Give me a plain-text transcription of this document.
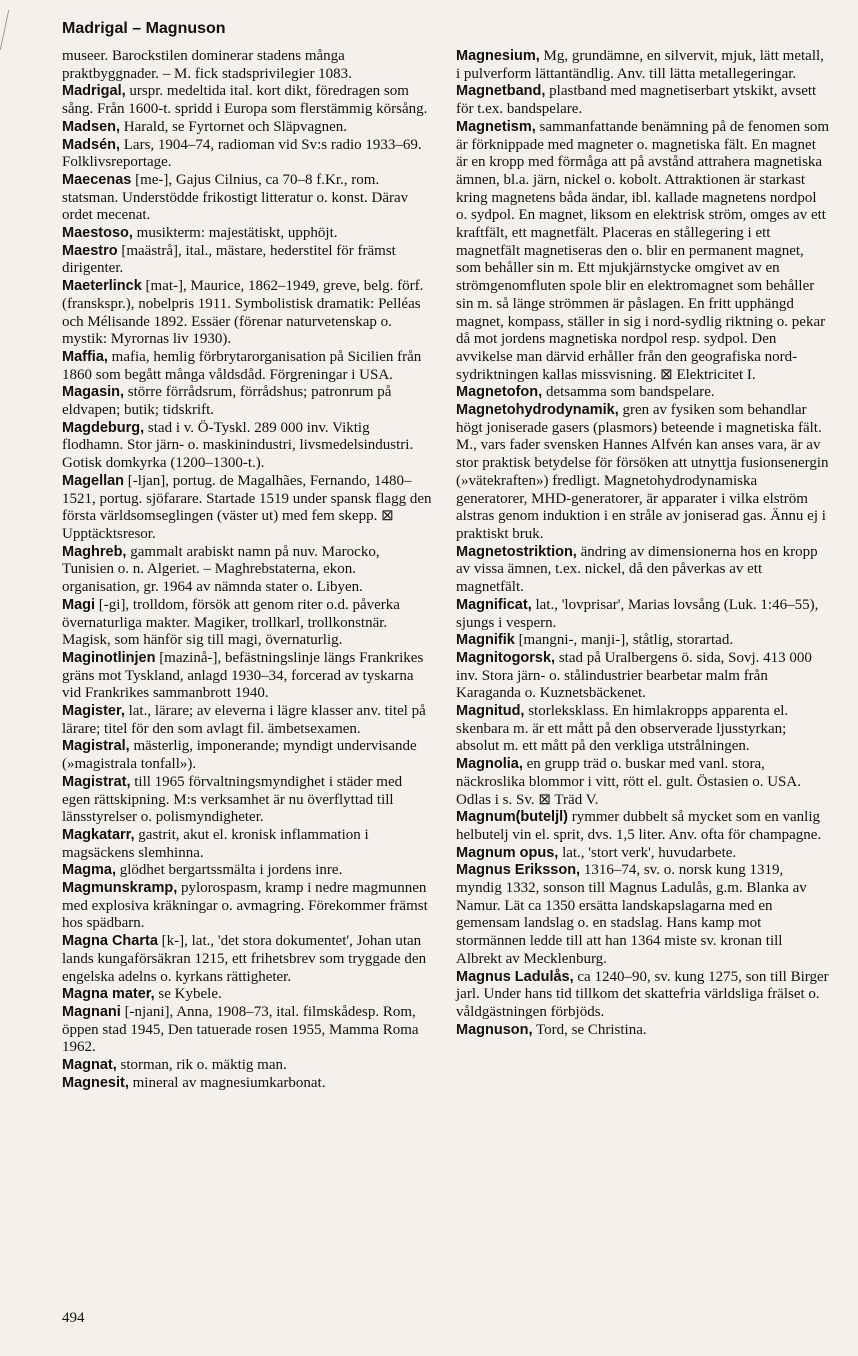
Madrigal – Magnuson

museer. Barockstilen dominerar stadens många praktbyggnader. – M. fick stadsprivilegier 1083.

Madrigal, urspr. medeltida ital. kort dikt, föredragen som sång. Från 1600-t. spridd i Europa som flerstämmig körsång.

Madsen, Harald, se Fyrtornet och Släpvagnen.

Madsén, Lars, 1904–74, radioman vid Sv:s radio 1933–69. Folklivsreportage.

Maecenas [me-], Gajus Cilnius, ca 70–8 f.Kr., rom. statsman. Understödde frikostigt litteratur o. konst. Därav ordet mecenat.

Maestoso, musikterm: majestätiskt, upphöjt.

Maestro [maästrå], ital., mästare, hederstitel för främst dirigenter.

Maeterlinck [mat-], Maurice, 1862–1949, greve, belg. förf. (franskspr.), nobelpris 1911. Symbolistisk dramatik: Pelléas och Mélisande 1892. Essäer (förenar naturvetenskap o. mystik: Myrornas liv 1930).

Maffia, mafia, hemlig förbrytarorganisation på Sicilien från 1860 som begått många våldsdåd. Förgreningar i USA.

Magasin, större förrådsrum, förrådshus; patronrum på eldvapen; butik; tidskrift.

Magdeburg, stad i v. Ö-Tyskl. 289 000 inv. Viktig flodhamn. Stor järn- o. maskinindustri, livsmedelsindustri. Gotisk domkyrka (1200–1300-t.).

Magellan [-ljan], portug. de Magalhães, Fernando, 1480–1521, portug. sjöfarare. Startade 1519 under spansk flagg den första världsomseglingen (väster ut) med fem skepp. ⊠ Upptäcktsresor.

Maghreb, gammalt arabiskt namn på nuv. Marocko, Tunisien o. n. Algeriet. – Maghrebstaterna, ekon. organisation, gr. 1964 av nämnda stater o. Libyen.

Magi [-gi], trolldom, försök att genom riter o.d. påverka övernaturliga makter. Magiker, trollkarl, trollkonstnär. Magisk, som hänför sig till magi, övernaturlig.

Maginotlinjen [mazinå-], befästningslinje längs Frankrikes gräns mot Tyskland, anlagd 1930–34, forcerad av tyskarna vid Frankrikes sammanbrott 1940.

Magister, lat., lärare; av eleverna i lägre klasser anv. titel på lärare; titel för den som avlagt fil. ämbetsexamen.

Magistral, mästerlig, imponerande; myndigt undervisande (»magistrala tonfall»).

Magistrat, till 1965 förvaltningsmyndighet i städer med egen rättskipning. M:s verksamhet är nu överflyttad till länsstyrelser o. polismyndigheter.

Magkatarr, gastrit, akut el. kronisk inflammation i magsäckens slemhinna.

Magma, glödhet bergartssmälta i jordens inre.

Magmunskramp, pylorospasm, kramp i nedre magmunnen med explosiva kräkningar o. avmagring. Förekommer främst hos spädbarn.

Magna Charta [k-], lat., 'det stora dokumentet', Johan utan lands kungaförsäkran 1215, ett frihetsbrev som tryggade den engelska adelns o. kyrkans rättigheter.

Magna mater, se Kybele.

Magnani [-njani], Anna, 1908–73, ital. filmskådesp. Rom, öppen stad 1945, Den tatuerade rosen 1955, Mamma Roma 1962.

Magnat, storman, rik o. mäktig man.

Magnesit, mineral av magnesiumkarbonat.

Magnesium, Mg, grundämne, en silvervit, mjuk, lätt metall, i pulverform lättantändlig. Anv. till lätta metallegeringar.

Magnetband, plastband med magnetiserbart ytskikt, avsett för t.ex. bandspelare.

Magnetism, sammanfattande benämning på de fenomen som är förknippade med magneter o. magnetiska fält. En magnet är en kropp med förmåga att på avstånd attrahera magnetiska ämnen, bl.a. järn, nickel o. kobolt. Attraktionen är starkast kring magnetens båda ändar, ibl. kallade magnetens nordpol o. sydpol. En magnet, liksom en elektrisk ström, omges av ett kraftfält, ett magnetfält. Placeras en stållegering i ett magnetfält magnetiseras den o. blir en permanent magnet, som behåller sin m. Ett mjukjärnstycke omgivet av en strömgenomfluten spole blir en elektromagnet som behåller sin m. så länge strömmen är påslagen. En fritt upphängd magnet, kompass, ställer in sig i nord-sydlig riktning o. pekar då mot jordens magnetiska nordpol resp. sydpol. Den avvikelse man därvid erhåller från den geografiska nord-sydriktningen kallas missvisning. ⊠ Elektricitet I.

Magnetofon, detsamma som bandspelare.

Magnetohydrodynamik, gren av fysiken som behandlar högt joniserade gasers (plasmors) beteende i magnetiska fält. M., vars fader svensken Hannes Alfvén kan anses vara, är av stor praktisk betydelse för försöken att utnyttja fusionsenergin (»vätekraften») fredligt. Magnetohydrodynamiska generatorer, MHD-generatorer, är apparater i vilka elström alstras genom induktion i en stråle av joniserad gas. Ännu ej i praktiskt bruk.

Magnetostriktion, ändring av dimensionerna hos en kropp av vissa ämnen, t.ex. nickel, då den påverkas av ett magnetfält.

Magnificat, lat., 'lovprisar', Marias lovsång (Luk. 1:46–55), sjungs i vespern.

Magnifik [mangni-, manji-], ståtlig, storartad.

Magnitogorsk, stad på Uralbergens ö. sida, Sovj. 413 000 inv. Stora järn- o. stålindustrier bearbetar malm från Karaganda o. Kuznetsbäckenet.

Magnitud, storleksklass. En himlakropps apparenta el. skenbara m. är ett mått på den observerade ljusstyrkan; absolut m. ett mått på den verkliga utstrålningen.

Magnolia, en grupp träd o. buskar med vanl. stora, näckroslika blommor i vitt, rött el. gult. Östasien o. USA. Odlas i s. Sv. ⊠ Träd V.

Magnum(buteljl) rymmer dubbelt så mycket som en vanlig helbutelj vin el. sprit, dvs. 1,5 liter. Anv. ofta för champagne.

Magnum opus, lat., 'stort verk', huvudarbete.

Magnus Eriksson, 1316–74, sv. o. norsk kung 1319, myndig 1332, sonson till Magnus Ladulås, g.m. Blanka av Namur. Lät ca 1350 ersätta landskapslagarna med en gemensam landslag o. en stadslag. Hans kamp mot stormännen ledde till att han 1364 miste sv. kronan till Albrekt av Mecklenburg.

Magnus Ladulås, ca 1240–90, sv. kung 1275, son till Birger jarl. Under hans tid tillkom det skattefria världsliga frälset o. våldgästningen förbjöds.

Magnuson, Tord, se Christina.

494
